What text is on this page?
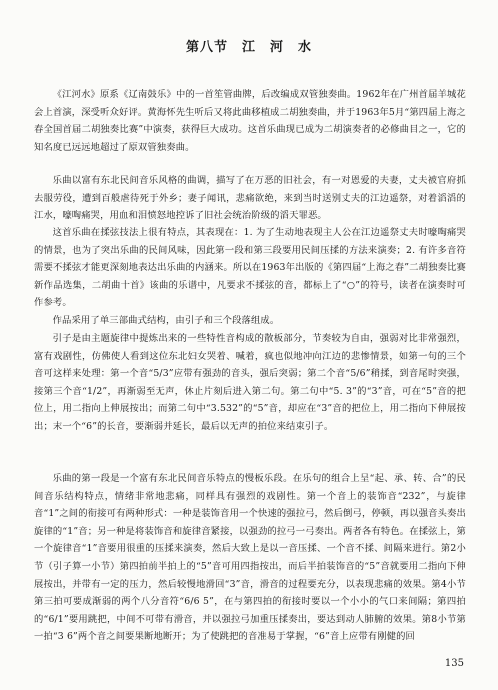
第八节　江　河　水

《江河水》原系《辽南鼓乐》中的一首笙管曲牌，后改编成双管独奏曲。1962年在广州首届羊城花会上首演，深受听众好评。黄海怀先生听后又将此曲移植成二胡独奏曲，并于1963年5月“第四届上海之春全国首届二胡独奏比赛”中演奏，获得巨大成功。这首乐曲现已成为二胡演奏者的必修曲目之一，它的知名度已远远地超过了原双管独奏曲。

乐曲以富有东北民间音乐风格的曲调，描写了在万恶的旧社会，有一对恩爱的夫妻，丈夫被官府抓去服劳役，遭到百般虐待死于外乡；妻子闻讯，悲痛欲绝，来到当时送别丈夫的江边遥祭，对着滔滔的江水，嚎啕痛哭，用血和泪愤怒地控诉了旧社会统治阶级的滔天罪恶。

这首乐曲在揉弦技法上很有特点，其表现在：1. 为了生动地表现主人公在江边遥祭丈夫时嚎啕痛哭的情景，也为了突出乐曲的民间风味，因此第一段和第三段要用民间压揉的方法来演奏；2. 有许多音符需要不揉弦才能更深刻地表达出乐曲的内涵来。所以在1963年出版的《第四届“上海之春”二胡独奏比赛新作品选集，二胡曲十首》该曲的乐谱中，凡要求不揉弦的音，都标上了“○”的符号，读者在演奏时可作参考。

作品采用了单三部曲式结构，由引子和三个段落组成。

引子是由主题旋律中提炼出来的一些特性音构成的散板部分，节奏较为自由，强弱对比非常强烈，富有戏剧性，仿佛使人看到这位东北妇女哭着、喊着，疯也似地冲向江边的悲惨情景，如第一句的三个音可这样来处理：第一个音“5/3”应带有强劲的音头，强后突弱；第二个音“5/6”稍揉，到音尾时突强，接第三个音“1/2”，再渐弱至无声，休止片刻后进入第二句。第二句中“5. 3”的“3”音，可在“5”音的把位上，用二指向上伸展按出；而第二句中“3.532”的“5”音，却应在“3”音的把位上，用二指向下伸展按出；末一个“6”的长音，要渐弱并延长，最后以无声的拍位来结束引子。

乐曲的第一段是一个富有东北民间音乐特点的慢板乐段。在乐句的组合上呈“起、承、转、合”的民间音乐结构特点，情绪非常地悲痛，同样具有强烈的戏剧性。第一个音上的装饰音“232”，与旋律音“1”之间的衔接可有两种形式：一种是装饰音用一个快速的强拉弓，然后倒弓，停顿，再以强音头奏出旋律的“1”音；另一种是将装饰音和旋律音紧接，以强劲的拉弓一弓奏出。两者各有特色。在揉弦上，第一个旋律音“1”音要用很重的压揉来演奏，然后大致上是以一音压揉、一个音不揉、间隔来进行。第2小节（引子算一小节）第四拍前半拍上的“5”音可用四指按出，而后半拍装饰音的“5”音就要用二指向下伸展按出，并带有一定的压力，然后较慢地滑回“3”音，滑音的过程要充分，以表现悲痛的效果。第4小节第三拍可要成渐弱的两个八分音符“6/6 5”，在与第四拍的衔接时要以一个小小的气口来间隔；第四拍的“6/1”要用跳把，中间不可带有滑音，并以强拉弓加重压揉奏出，要达到动人肺腑的效果。第8小节第一拍“3 6”两个音之间要果断地断开；为了使跳把的音准易于掌握，“6”音上应带有刚健的回

135
